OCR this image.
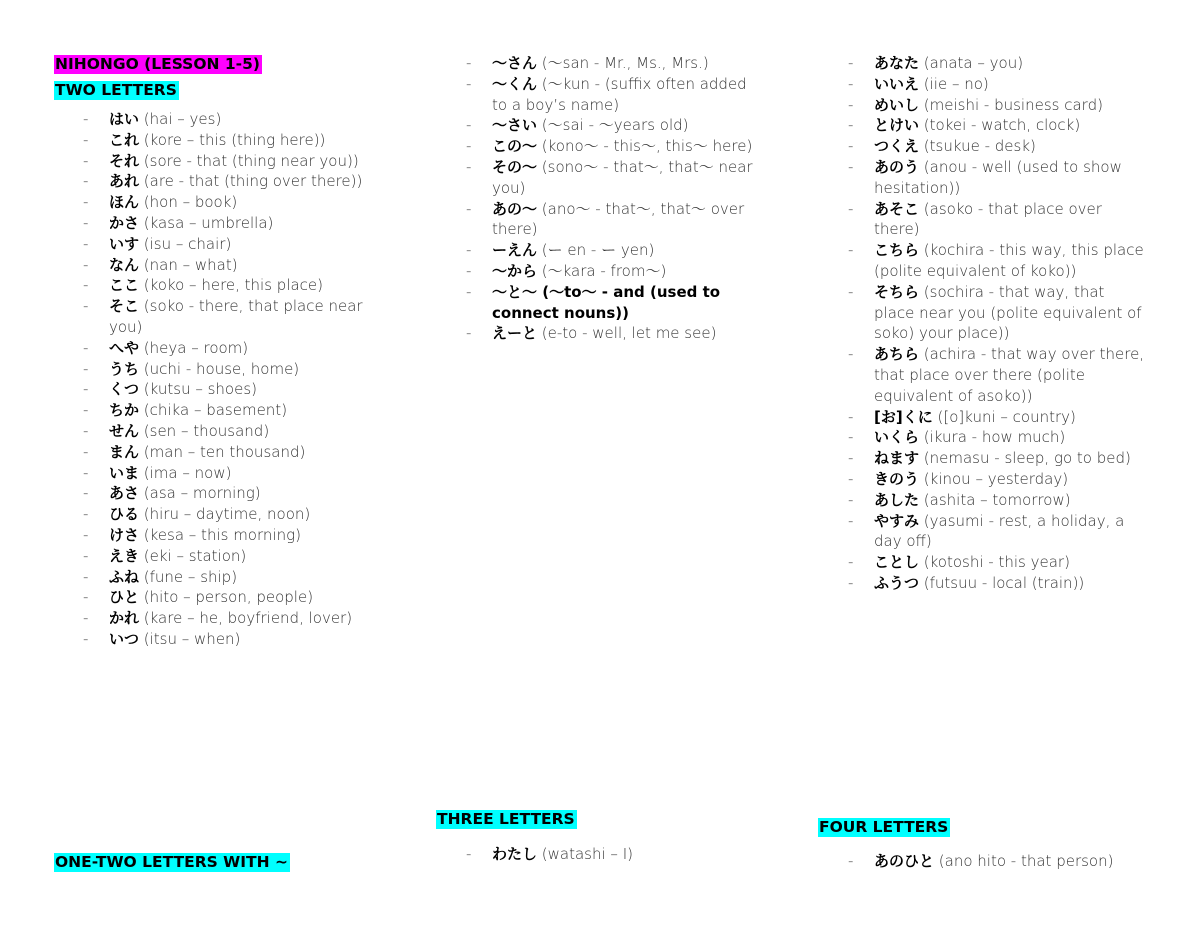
NIHONGO (LESSON 1-5)
TWO LETTERS
- はい (hai – yes)
- これ (kore – this (thing here))
- それ (sore - that (thing near you))
- あれ (are - that (thing over there))
- ほん (hon – book)
- かさ (kasa – umbrella)
- いす (isu – chair)
- なん (nan – what)
- ここ (koko – here, this place)
- そこ (soko - there, that place near you)
- へや (heya – room)
- うち (uchi - house, home)
- くつ (kutsu – shoes)
- ちか (chika – basement)
- せん (sen – thousand)
- まん (man – ten thousand)
- いま (ima – now)
- あさ (asa – morning)
- ひる (hiru – daytime, noon)
- けさ (kesa – this morning)
- えき (eki – station)
- ふね (fune – ship)
- ひと (hito – person, people)
- かれ (kare – he, boyfriend, lover)
- いつ (itsu – when)
- 〜さん (〜san - Mr., Ms., Mrs.)
- 〜くん (〜kun - (suffix often added to a boy’s name)
- 〜さい (〜sai - 〜years old)
- この〜 (kono〜 - this〜, this〜 here)
- その〜 (sono〜 - that〜, that〜 near you)
- あの〜 (ano〜 - that〜, that〜 over there)
- ーえん (ー en - ー yen)
- 〜から (〜kara - from〜)
- 〜と〜 (〜to〜 - and (used to connect nouns))
- えーと (e-to - well, let me see)
- あなた (anata – you)
- いいえ (iie – no)
- めいし (meishi - business card)
- とけい (tokei - watch, clock)
- つくえ (tsukue - desk)
- あのう (anou - well (used to show hesitation))
- あそこ (asoko - that place over there)
- こちら (kochira - this way, this place (polite equivalent of koko))
- そちら (sochira - that way, that place near you (polite equivalent of soko) your place))
- あちら (achira - that way over there, that place over there (polite equivalent of asoko))
- [お]くに ([o]kuni – country)
- いくら (ikura - how much)
- ねます (nemasu - sleep, go to bed)
- きのう (kinou – yesterday)
- あした (ashita – tomorrow)
- やすみ (yasumi - rest, a holiday, a day off)
- ことし (kotoshi - this year)
- ふうつ (futsuu - local (train))
ONE-TWO LETTERS WITH ~
THREE LETTERS
- わたし (watashi – I)
FOUR LETTERS
- あのひと (ano hito - that person)
